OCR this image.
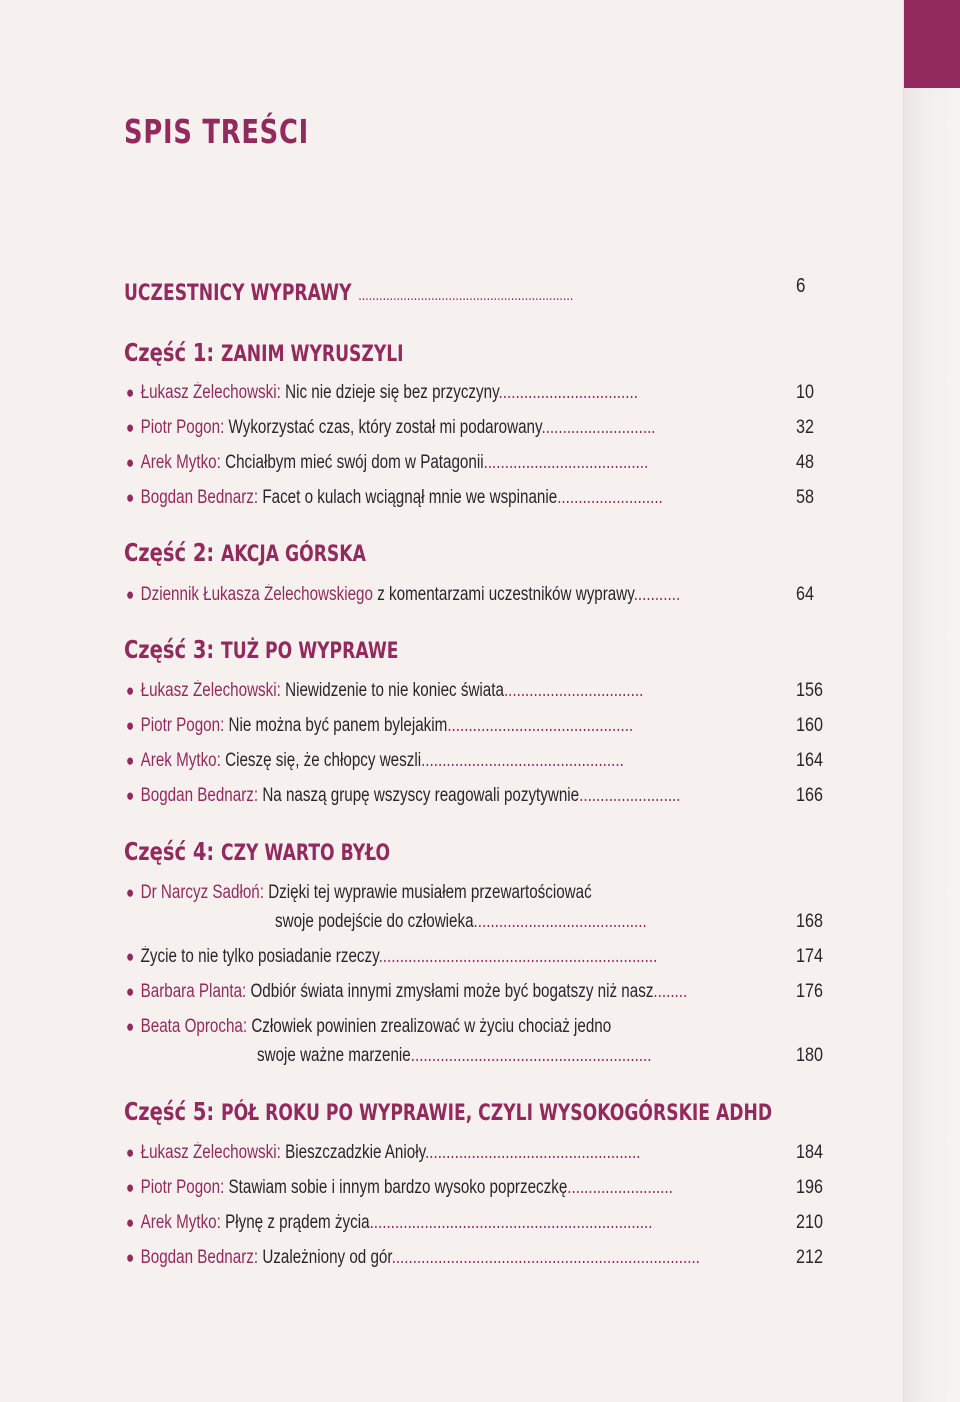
SPIS TREŚCI
UCZESTNICY WYPRAWY ..............................................................	6
Część 1: ZANIM WYRUSZYLI
● Łukasz Żelechowski: Nic nie dzieje się bez przyczyny.................................	10
● Piotr Pogon: Wykorzystać czas, który został mi podarowany...........................	32
● Arek Mytko: Chciałbym mieć swój dom w Patagonii.......................................	48
● Bogdan Bednarz: Facet o kulach wciągnął mnie we wspinanie.........................	58
Część 2: AKCJA GÓRSKA
● Dziennik Łukasza Żelechowskiego z komentarzami uczestników wyprawy...........	64
Część 3: TUŻ PO WYPRAWE
● Łukasz Żelechowski: Niewidzenie to nie koniec świata.................................	156
● Piotr Pogon: Nie można być panem bylejakim............................................	160
● Arek Mytko: Cieszę się, że chłopcy weszli................................................	164
● Bogdan Bednarz: Na naszą grupę wszyscy reagowali pozytywnie........................	166
Część 4: CZY WARTO BYŁO
● Dr Narcyz Sadłoń: Dzięki tej wyprawie musiałem przewartościować
swoje podejście do człowieka.........................................	168
● Życie to nie tylko posiadanie rzeczy..................................................................	174
● Barbara Planta: Odbiór świata innymi zmysłami może być bogatszy niż nasz........	176
● Beata Oprocha: Człowiek powinien zrealizować w życiu chociaż jedno
swoje ważne marzenie.........................................................	180
Część 5: PÓŁ ROKU PO WYPRAWIE, CZYLI WYSOKOGÓRSKIE ADHD
● Łukasz Żelechowski: Bieszczadzkie Anioły...................................................	184
● Piotr Pogon: Stawiam sobie i innym bardzo wysoko poprzeczkę.........................	196
● Arek Mytko: Płynę z prądem życia...................................................................	210
● Bogdan Bednarz: Uzależniony od gór.........................................................................	212
